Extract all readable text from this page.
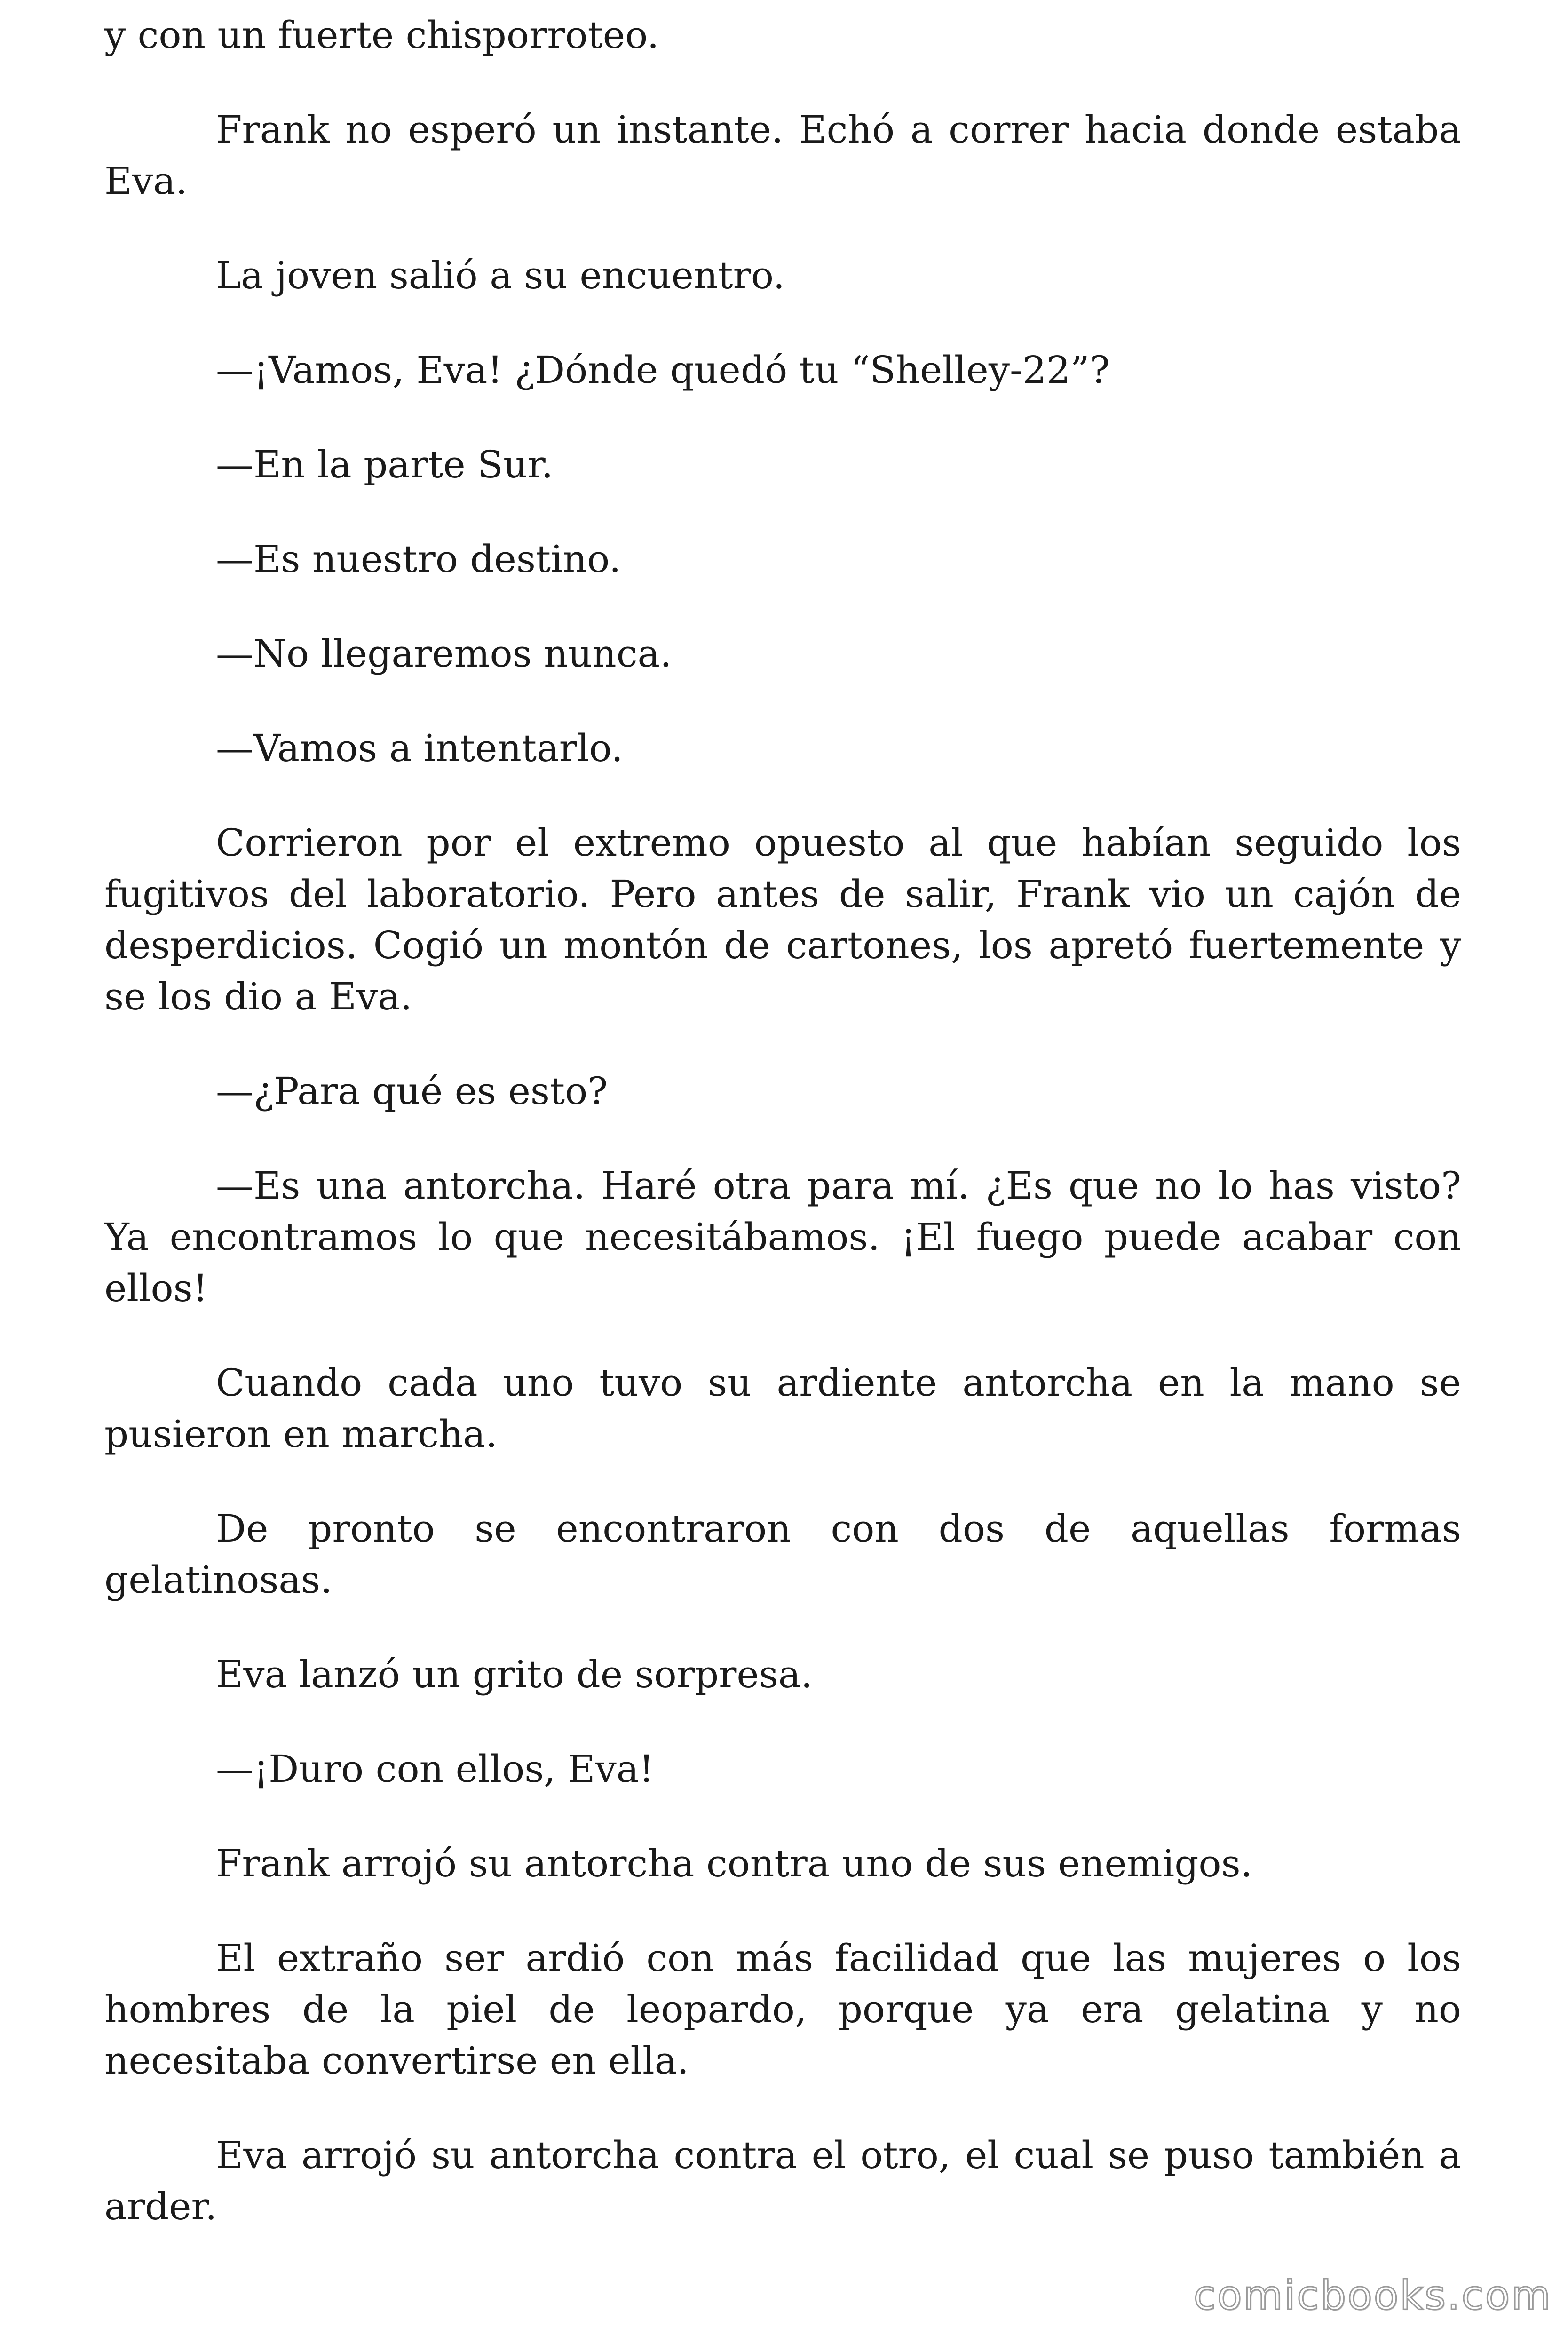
y con un fuerte chisporroteo.

Frank no esperó un instante. Echó a correr hacia donde estaba Eva.

La joven salió a su encuentro.

—¡Vamos, Eva! ¿Dónde quedó tu “Shelley-22”?

—En la parte Sur.

—Es nuestro destino.

—No llegaremos nunca.

—Vamos a intentarlo.

Corrieron por el extremo opuesto al que habían seguido los fugitivos del laboratorio. Pero antes de salir, Frank vio un cajón de desperdicios. Cogió un montón de cartones, los apretó fuertemente y se los dio a Eva.

—¿Para qué es esto?

—Es una antorcha. Haré otra para mí. ¿Es que no lo has visto? Ya encontramos lo que necesitábamos. ¡El fuego puede acabar con ellos!

Cuando cada uno tuvo su ardiente antorcha en la mano se pusieron en marcha.

De pronto se encontraron con dos de aquellas formas gelatinosas.

Eva lanzó un grito de sorpresa.

—¡Duro con ellos, Eva!

Frank arrojó su antorcha contra uno de sus enemigos.

El extraño ser ardió con más facilidad que las mujeres o los hombres de la piel de leopardo, porque ya era gelatina y no necesitaba convertirse en ella.

Eva arrojó su antorcha contra el otro, el cual se puso también a arder.

comicbooks.com
